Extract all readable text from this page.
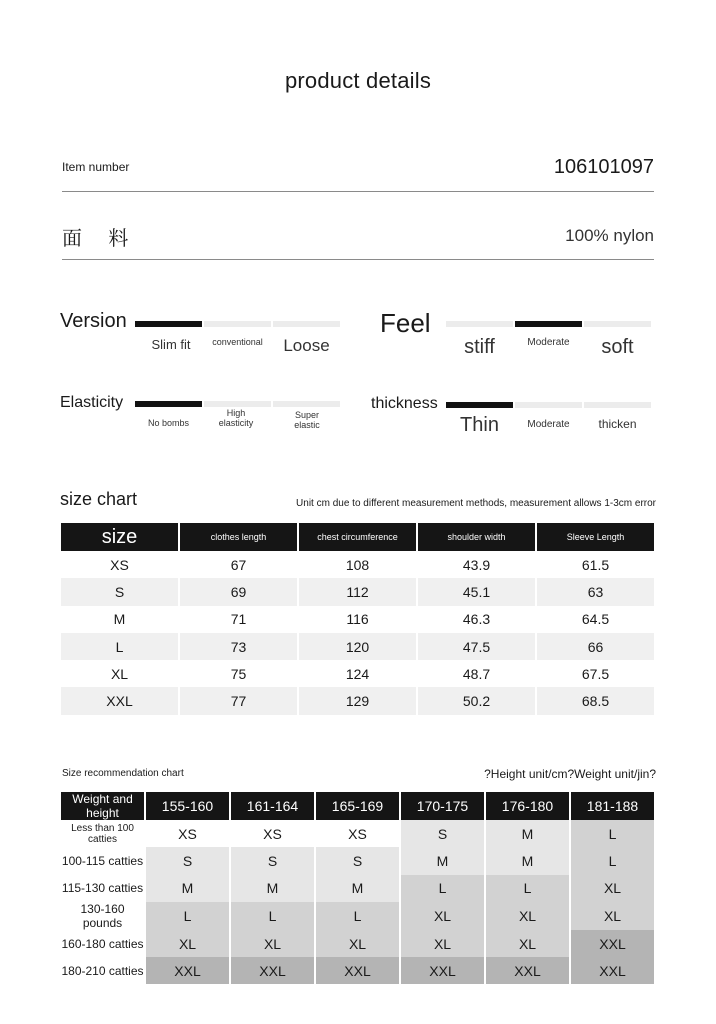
product details
Item number	106101097
面 料	100% nylon
Version
Slim fit	conventional	Loose
Feel
stiff	Moderate	soft
Elasticity
No bombs
High elasticity
Super elastic
thickness
Thin	Moderate	thicken
size chart	Unit cm due to different measurement methods, measurement allows 1-3cm error
size	clothes length	chest circumference	shoulder width	Sleeve Length
XS	67	108	43.9	61.5
S	69	112	45.1	63
M	71	116	46.3	64.5
L	73	120	47.5	66
XL	75	124	48.7	67.5
XXL	77	129	50.2	68.5
Size recommendation chart	?Height unit/cm?Weight unit/jin?
Weight and height	155-160	161-164	165-169	170-175	176-180	181-188
Less than 100 catties	XS	XS	XS	S	M	L
100-115 catties	S	S	S	M	M	L
115-130 catties	M	M	M	L	L	XL
130-160 pounds	L	L	L	XL	XL	XL
160-180 catties	XL	XL	XL	XL	XL	XXL
180-210 catties	XXL	XXL	XXL	XXL	XXL	XXL
